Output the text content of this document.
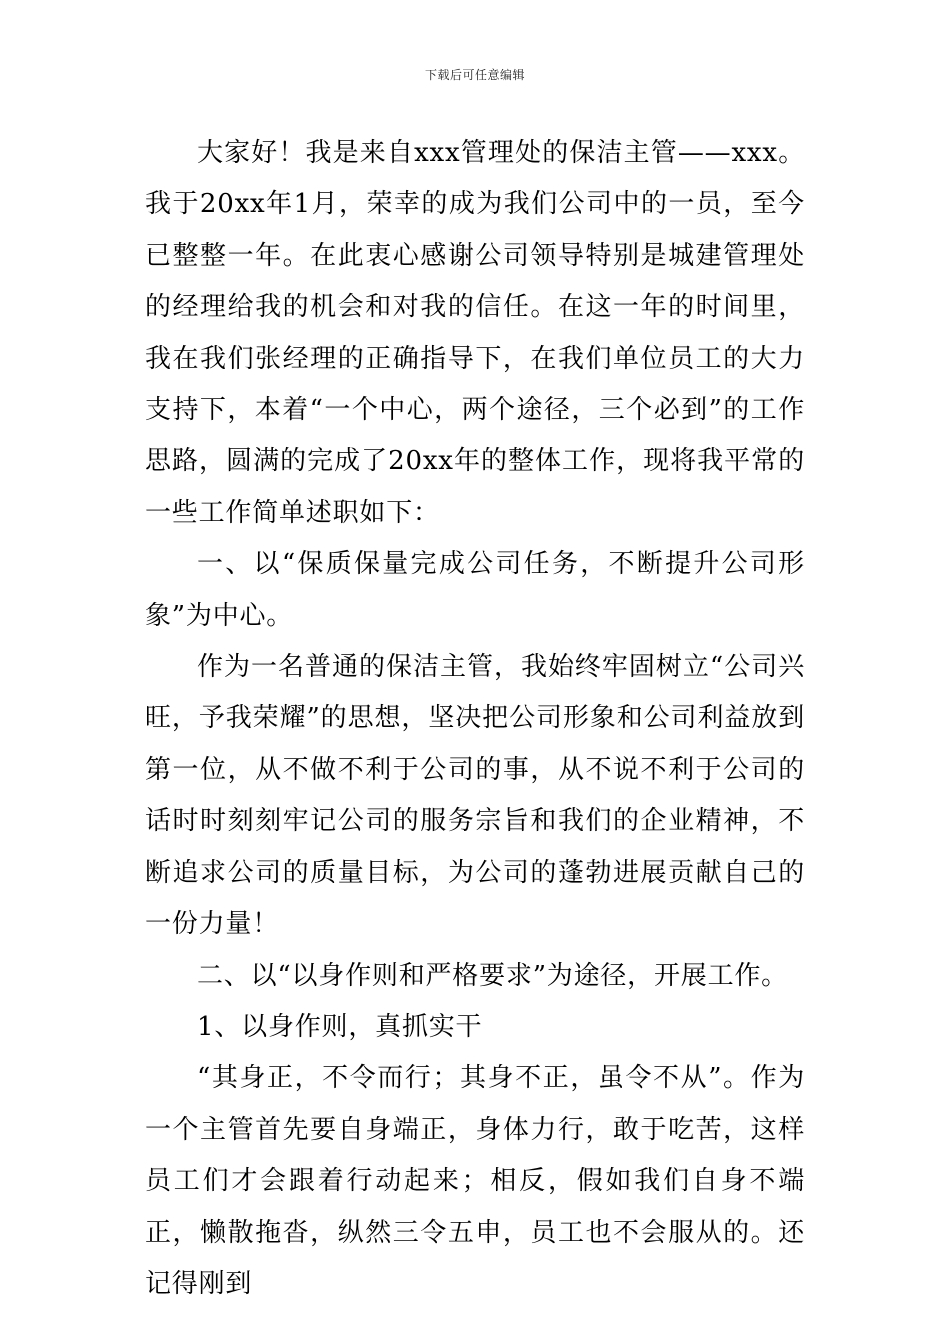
下载后可任意编辑

大家好！我是来自xxx管理处的保洁主管——xxx。我于20xx年1月，荣幸的成为我们公司中的一员，至今已整整一年。在此衷心感谢公司领导特别是城建管理处的经理给我的机会和对我的信任。在这一年的时间里，我在我们张经理的正确指导下，在我们单位员工的大力支持下，本着“一个中心，两个途径，三个必到”的工作思路，圆满的完成了20xx年的整体工作，现将我平常的一些工作简单述职如下：

一、以“保质保量完成公司任务，不断提升公司形象”为中心。

作为一名普通的保洁主管，我始终牢固树立“公司兴旺，予我荣耀”的思想，坚决把公司形象和公司利益放到第一位，从不做不利于公司的事，从不说不利于公司的话时时刻刻牢记公司的服务宗旨和我们的企业精神，不断追求公司的质量目标，为公司的蓬勃进展贡献自己的一份力量！

二、以“以身作则和严格要求”为途径，开展工作。

1、以身作则，真抓实干

“其身正，不令而行；其身不正，虽令不从”。作为一个主管首先要自身端正，身体力行，敢于吃苦，这样员工们才会跟着行动起来；相反，假如我们自身不端正，懒散拖沓，纵然三令五申，员工也不会服从的。还记得刚到
